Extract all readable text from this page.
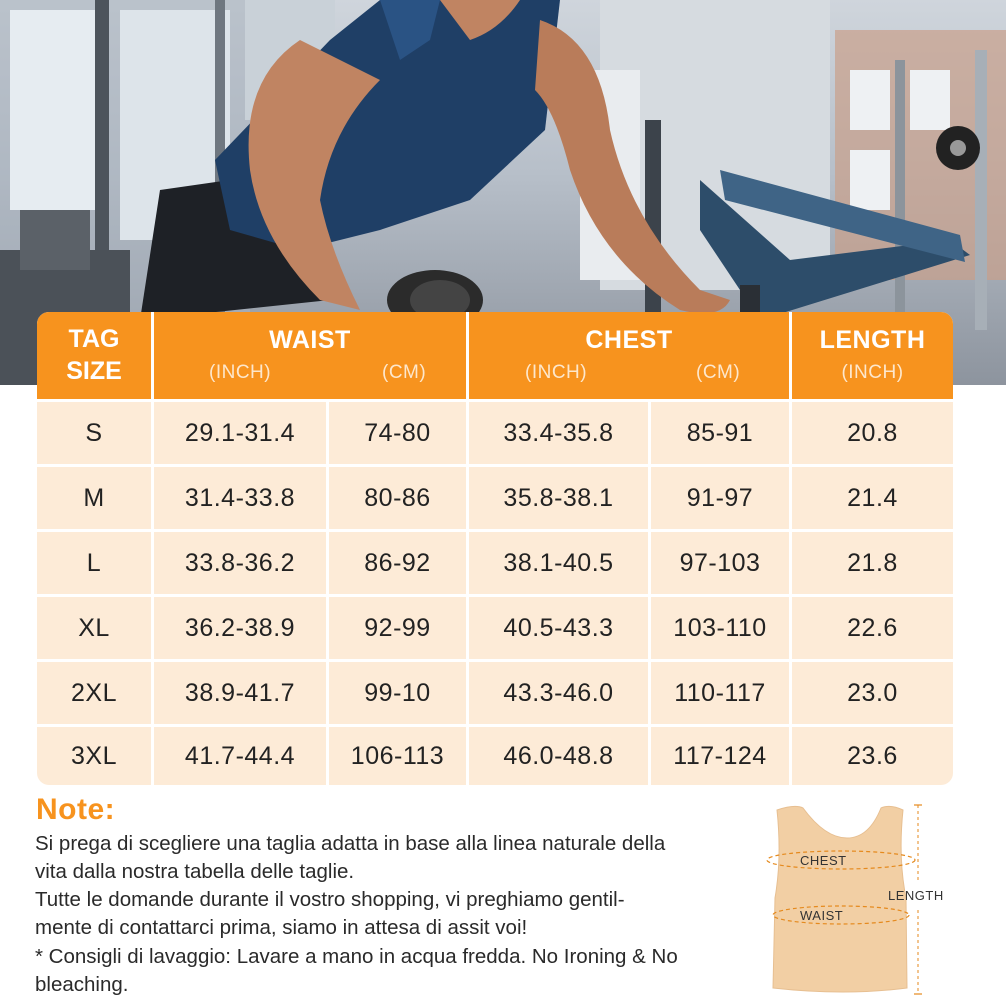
TAG
SIZE
WAIST
(INCH)	(CM)
CHEST
(INCH)	(CM)
LENGTH
(INCH)
S	29.1-31.4	74-80	33.4-35.8	85-91	20.8
M	31.4-33.8	80-86	35.8-38.1	91-97	21.4
L	33.8-36.2	86-92	38.1-40.5	97-103	21.8
XL	36.2-38.9	92-99	40.5-43.3	103-110	22.6
2XL	38.9-41.7	99-10	43.3-46.0	110-117	23.0
3XL	41.7-44.4	106-113	46.0-48.8	117-124	23.6
Note:
Si prega di scegliere una taglia adatta in base alla linea naturale della
vita dalla nostra tabella delle taglie.
Tutte le domande durante il vostro shopping, vi preghiamo gentil-
mente di contattarci prima, siamo in attesa di assit voi!
* Consigli di lavaggio: Lavare a mano in acqua fredda. No Ironing & No
bleaching.
CHEST
WAIST
LENGTH
